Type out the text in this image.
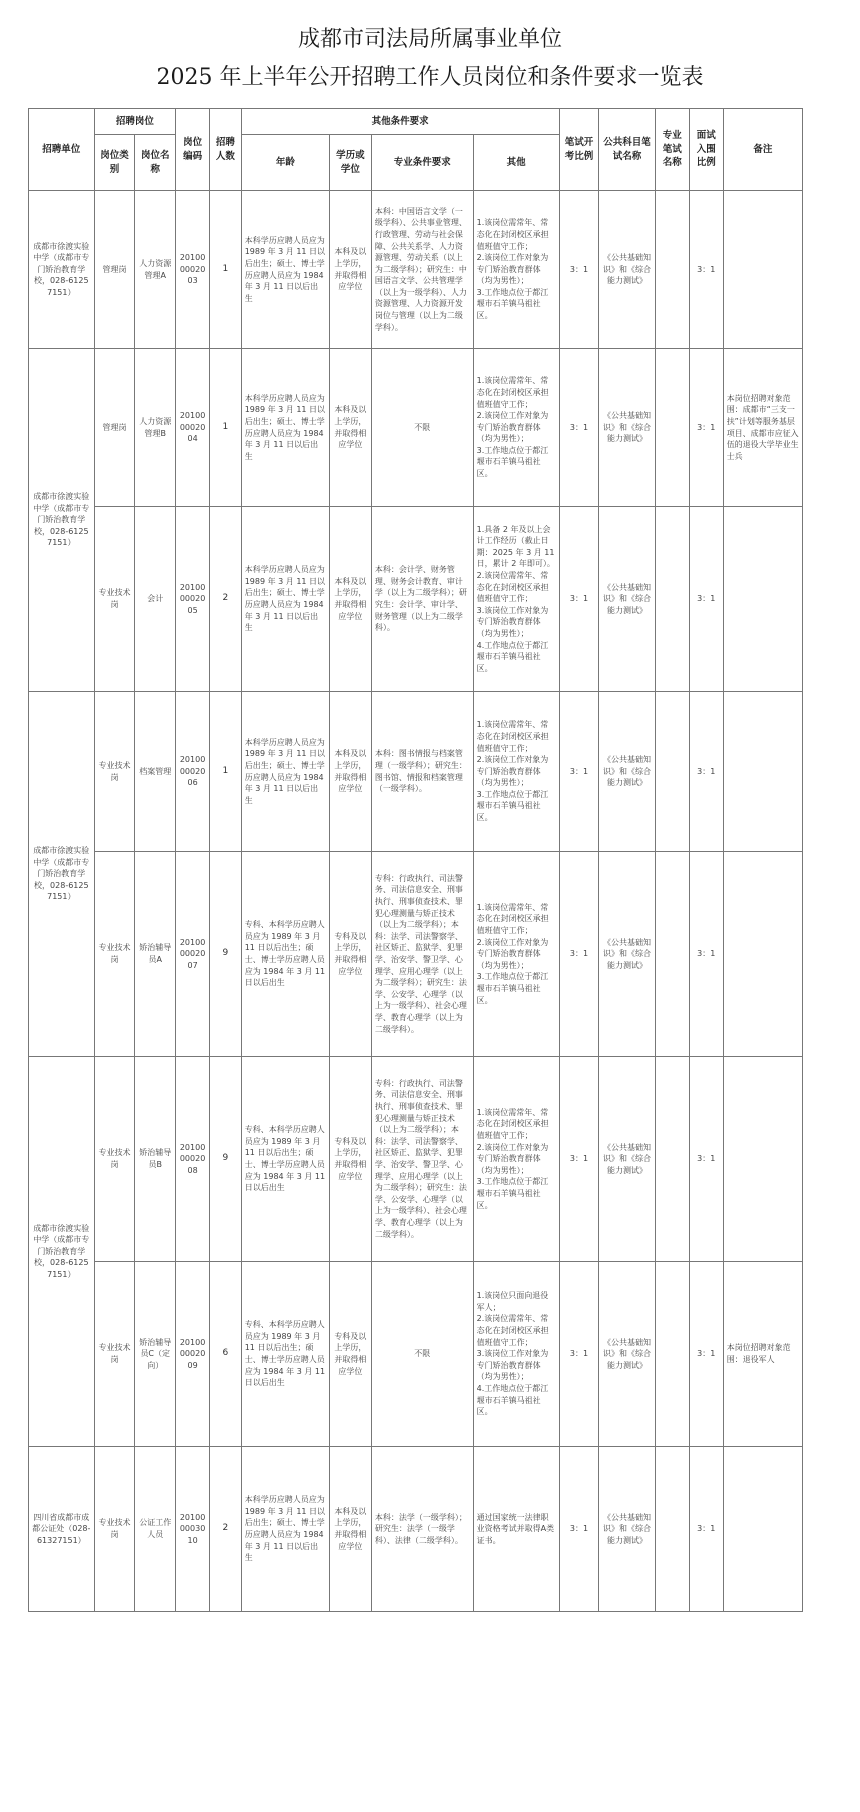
成都市司法局所属事业单位
2025 年上半年公开招聘工作人员岗位和条件要求一览表
招聘单位	招聘岗位		岗位编码	招聘人数	其他条件要求				笔试开考比例	公共科目笔试名称	专业笔试名称	面试入围比例	备注
	岗位类别	岗位名称			年龄	学历或学位	专业条件要求	其他					
成都市徐渡实验中学（成都市专门矫治教育学校，028-61257151）	管理岗	人力资源管理A	2010000020 03	1	本科学历应聘人员应为 1989 年 3 月 11 日以后出生；硕士、博士学历应聘人员应为 1984 年 3 月 11 日以后出生	本科及以上学历，并取得相应学位	本科：中国语言文学（一级学科）、公共事业管理、行政管理、劳动与社会保障、公共关系学、人力资源管理、劳动关系（以上为二级学科）；研究生：中国语言文学、公共管理学（以上为一级学科）、人力资源管理、人力资源开发岗位与管理（以上为二级学科）。	1.该岗位需常年、常态化在封闭校区承担值班值守工作；
2.该岗位工作对象为专门矫治教育群体（均为男性）；
3.工作地点位于都江堰市石羊镇马祖社区。	3：1	《公共基础知识》和《综合能力测试》		3：1	
成都市徐渡实验中学（成都市专门矫治教育学校，028-61257151）	管理岗	人力资源管理B	2010000020 04	1	本科学历应聘人员应为 1989 年 3 月 11 日以后出生；硕士、博士学历应聘人员应为 1984 年 3 月 11 日以后出生	本科及以上学历，并取得相应学位	不限	1.该岗位需常年、常态化在封闭校区承担值班值守工作；
2.该岗位工作对象为专门矫治教育群体（均为男性）；
3.工作地点位于都江堰市石羊镇马祖社区。	3：1	《公共基础知识》和《综合能力测试》		3：1	本岗位招聘对象范围：成都市“三支一扶”计划等服务基层项目、成都市应征入伍的退役大学毕业生士兵
	专业技术岗	会计	2010000020 05	2	本科学历应聘人员应为 1989 年 3 月 11 日以后出生；硕士、博士学历应聘人员应为 1984 年 3 月 11 日以后出生	本科及以上学历，并取得相应学位	本科：会计学、财务管理、财务会计教育、审计学（以上为二级学科）；研究生：会计学、审计学、财务管理（以上为二级学科）。	1.具备 2 年及以上会计工作经历（截止日期：2025 年 3 月 11 日，累计 2 年即可）。
2.该岗位需常年、常态化在封闭校区承担值班值守工作；
3.该岗位工作对象为专门矫治教育群体（均为男性）；
4.工作地点位于都江堰市石羊镇马祖社区。	3：1	《公共基础知识》和《综合能力测试》		3：1	
成都市徐渡实验中学（成都市专门矫治教育学校，028-61257151）	专业技术岗	档案管理	2010000020 06	1	本科学历应聘人员应为 1989 年 3 月 11 日以后出生；硕士、博士学历应聘人员应为 1984 年 3 月 11 日以后出生	本科及以上学历，并取得相应学位	本科：图书情报与档案管理（一级学科）；研究生：图书馆、情报和档案管理（一级学科）。	1.该岗位需常年、常态化在封闭校区承担值班值守工作；
2.该岗位工作对象为专门矫治教育群体（均为男性）；
3.工作地点位于都江堰市石羊镇马祖社区。	3：1	《公共基础知识》和《综合能力测试》		3：1	
	专业技术岗	矫治辅导员A	2010000020 07	9	专科、本科学历应聘人员应为 1989 年 3 月 11 日以后出生；硕士、博士学历应聘人员应为 1984 年 3 月 11 日以后出生	专科及以上学历，并取得相应学位	专科：行政执行、司法警务、司法信息安全、刑事执行、刑事侦查技术、罪犯心理测量与矫正技术（以上为二级学科）；本科：法学、司法警察学、社区矫正、监狱学、犯罪学、治安学、警卫学、心理学、应用心理学（以上为二级学科）；研究生：法学、公安学、心理学（以上为一级学科）、社会心理学、教育心理学（以上为二级学科）。	1.该岗位需常年、常态化在封闭校区承担值班值守工作；
2.该岗位工作对象为专门矫治教育群体（均为男性）；
3.工作地点位于都江堰市石羊镇马祖社区。	3：1	《公共基础知识》和《综合能力测试》		3：1	
成都市徐渡实验中学（成都市专门矫治教育学校，028-61257151）	专业技术岗	矫治辅导员B	2010000020 08	9	专科、本科学历应聘人员应为 1989 年 3 月 11 日以后出生；硕士、博士学历应聘人员应为 1984 年 3 月 11 日以后出生	专科及以上学历，并取得相应学位	专科：行政执行、司法警务、司法信息安全、刑事执行、刑事侦查技术、罪犯心理测量与矫正技术（以上为二级学科）；本科：法学、司法警察学、社区矫正、监狱学、犯罪学、治安学、警卫学、心理学、应用心理学（以上为二级学科）；研究生：法学、公安学、心理学（以上为一级学科）、社会心理学、教育心理学（以上为二级学科）。	1.该岗位需常年、常态化在封闭校区承担值班值守工作；
2.该岗位工作对象为专门矫治教育群体（均为男性）；
3.工作地点位于都江堰市石羊镇马祖社区。	3：1	《公共基础知识》和《综合能力测试》		3：1	
	专业技术岗	矫治辅导员C（定向）	2010000020 09	6	专科、本科学历应聘人员应为 1989 年 3 月 11 日以后出生；硕士、博士学历应聘人员应为 1984 年 3 月 11 日以后出生	专科及以上学历，并取得相应学位	不限	1.该岗位只面向退役军人；
2.该岗位需常年、常态化在封闭校区承担值班值守工作；
3.该岗位工作对象为专门矫治教育群体（均为男性）；
4.工作地点位于都江堰市石羊镇马祖社区。	3：1	《公共基础知识》和《综合能力测试》		3：1	本岗位招聘对象范围：退役军人
四川省成都市成都公证处（028-61327151）	专业技术岗	公证工作人员	2010000030 10	2	本科学历应聘人员应为 1989 年 3 月 11 日以后出生；硕士、博士学历应聘人员应为 1984 年 3 月 11 日以后出生	本科及以上学历，并取得相应学位	本科：法学（一级学科）；研究生：法学（一级学科）、法律（二级学科）。	通过国家统一法律职业资格考试并取得A类证书。	3：1	《公共基础知识》和《综合能力测试》		3：1	
